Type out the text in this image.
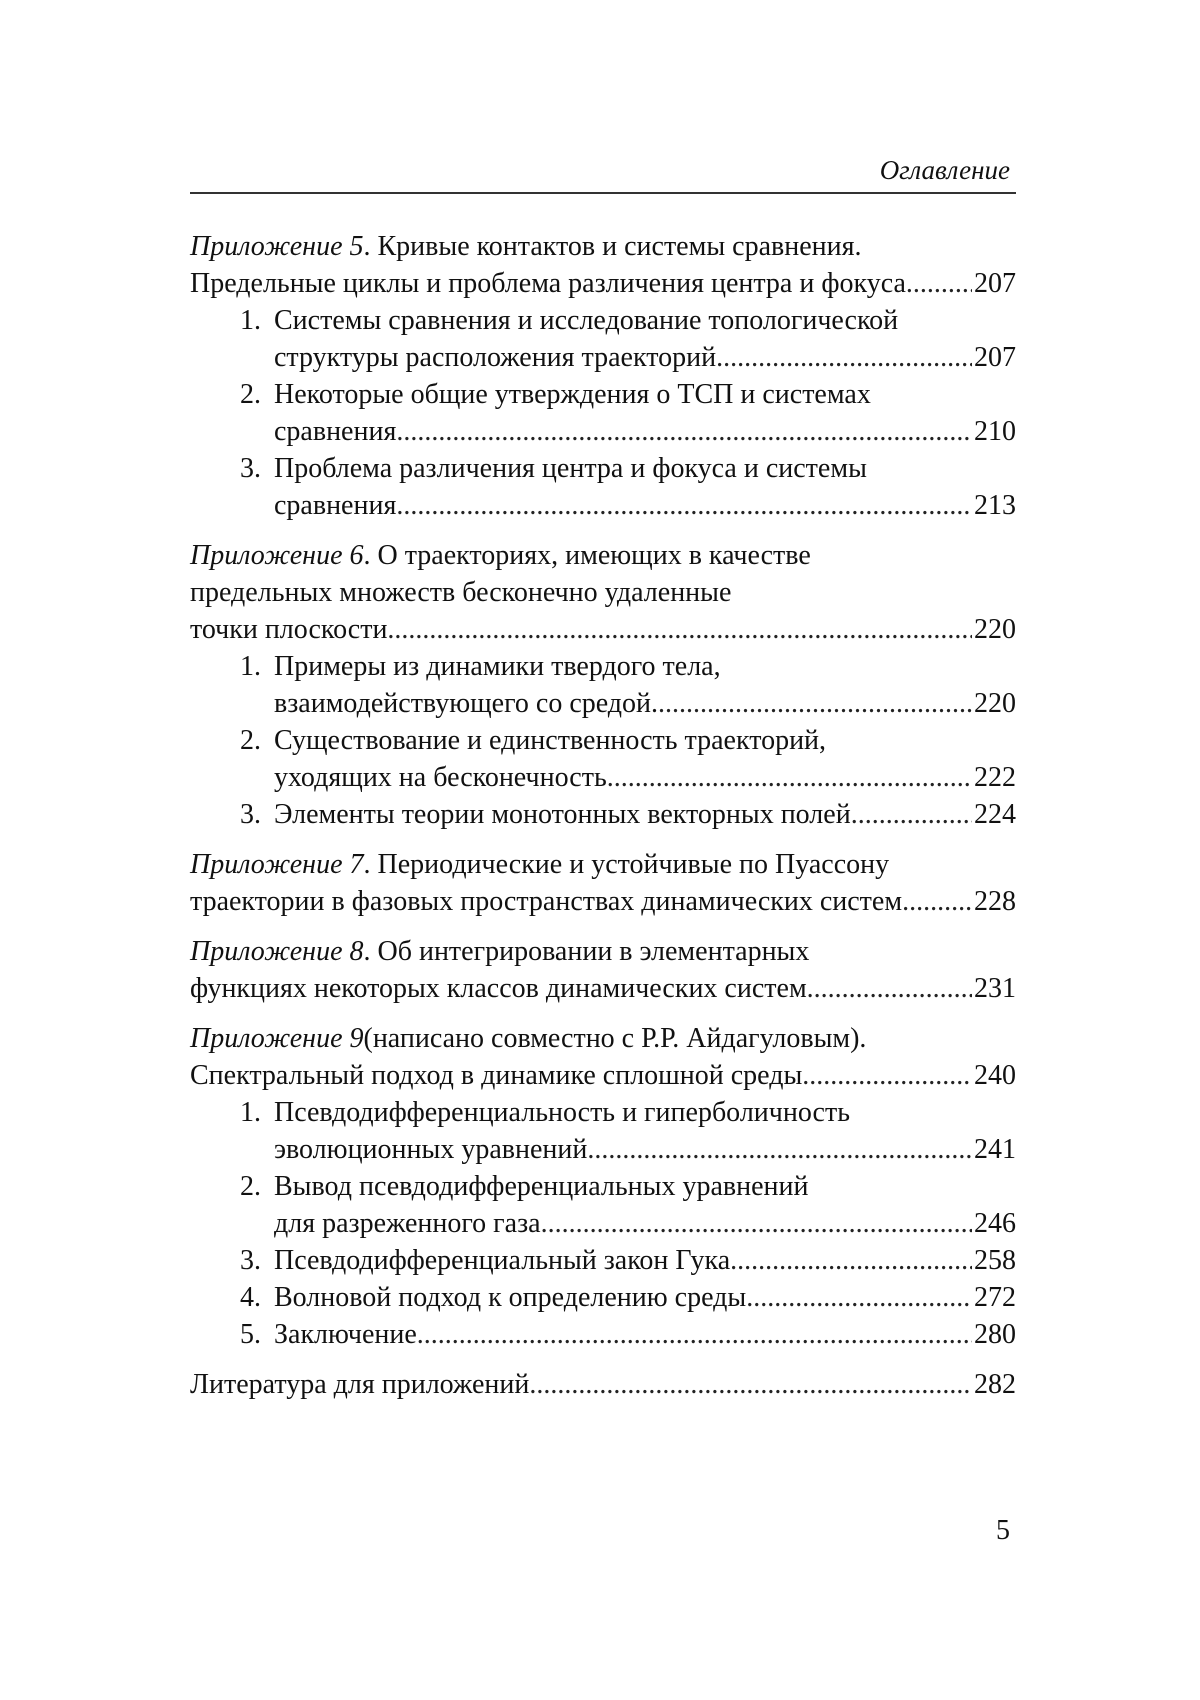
Оглавление
Приложение 5 . Кривые контактов и системы сравнения.
Предельные циклы и проблема различения центра и фокуса
..... 207
1. Системы сравнения и исследование топологической
структуры расположения траекторий
.....	207
2. Некоторые общие утверждения о ТСП и системах
сравнения
.....	210
3. Проблема различения центра и фокуса и системы
сравнения
.....	213
Приложение 6 . О траекториях, имеющих в качестве
предельных множеств бесконечно удаленные
точки плоскости
.....	220
1. Примеры из динамики твердого тела,
взаимодействующего со средой.
.....	220
2. Существование и единственность траекторий,
уходящих на бесконечность
.....	222
3. Элементы теории монотонных векторных полей
.....	224
Приложение 7 . Периодические и устойчивые по Пуассону
траектории в фазовых пространствах динамических систем
.....	228
Приложение 8 . Об интегрировании в элементарных
функциях некоторых классов динамических систем
.....	231
Приложение 9 (написано совместно с Р.Р. Айдагуловым).
Спектральный подход в динамике сплошной среды
.....	240
1. Псевдодифференциальность и гиперболичность
эволюционных уравнений
.....	241
2. Вывод псевдодифференциальных уравнений
для разреженного газа
.....	246
3. Псевдодифференциальный закон Гука
.....	258
4. Волновой подход к определению среды
.....	272
5. Заключение
.....	280
Литература для приложений
.....	282
5
